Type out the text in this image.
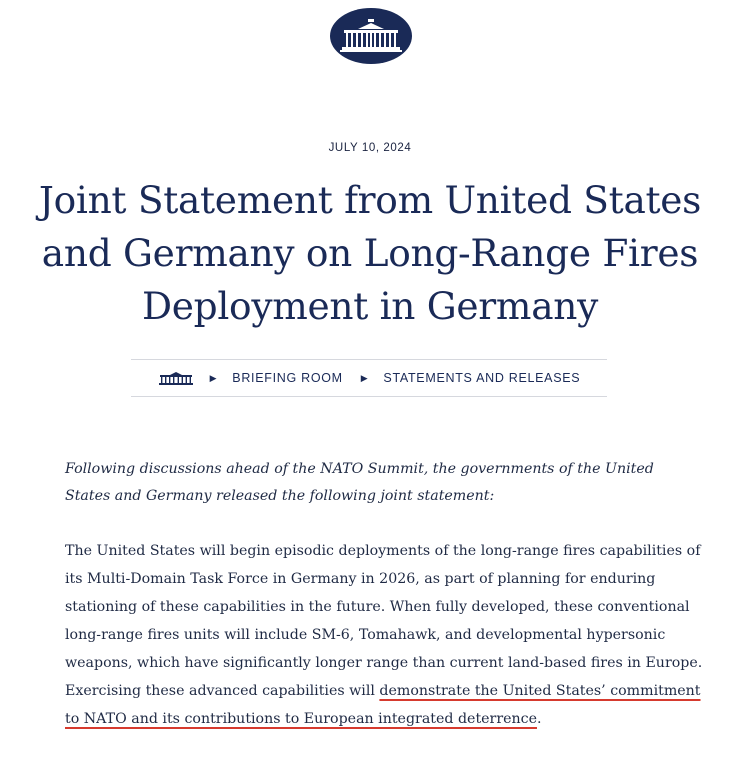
JULY 10, 2024
Joint Statement from United States and Germany on Long-Range Fires Deployment in Germany
▶ BRIEFING ROOM ▶ STATEMENTS AND RELEASES

Following discussions ahead of the NATO Summit, the governments of the United States and Germany released the following joint statement:

The United States will begin episodic deployments of the long-range fires capabilities of its Multi-Domain Task Force in Germany in 2026, as part of planning for enduring stationing of these capabilities in the future. When fully developed, these conventional long-range fires units will include SM-6, Tomahawk, and developmental hypersonic weapons, which have significantly longer range than current land-based fires in Europe. Exercising these advanced capabilities will demonstrate the United States’ commitment to NATO and its contributions to European integrated deterrence.
